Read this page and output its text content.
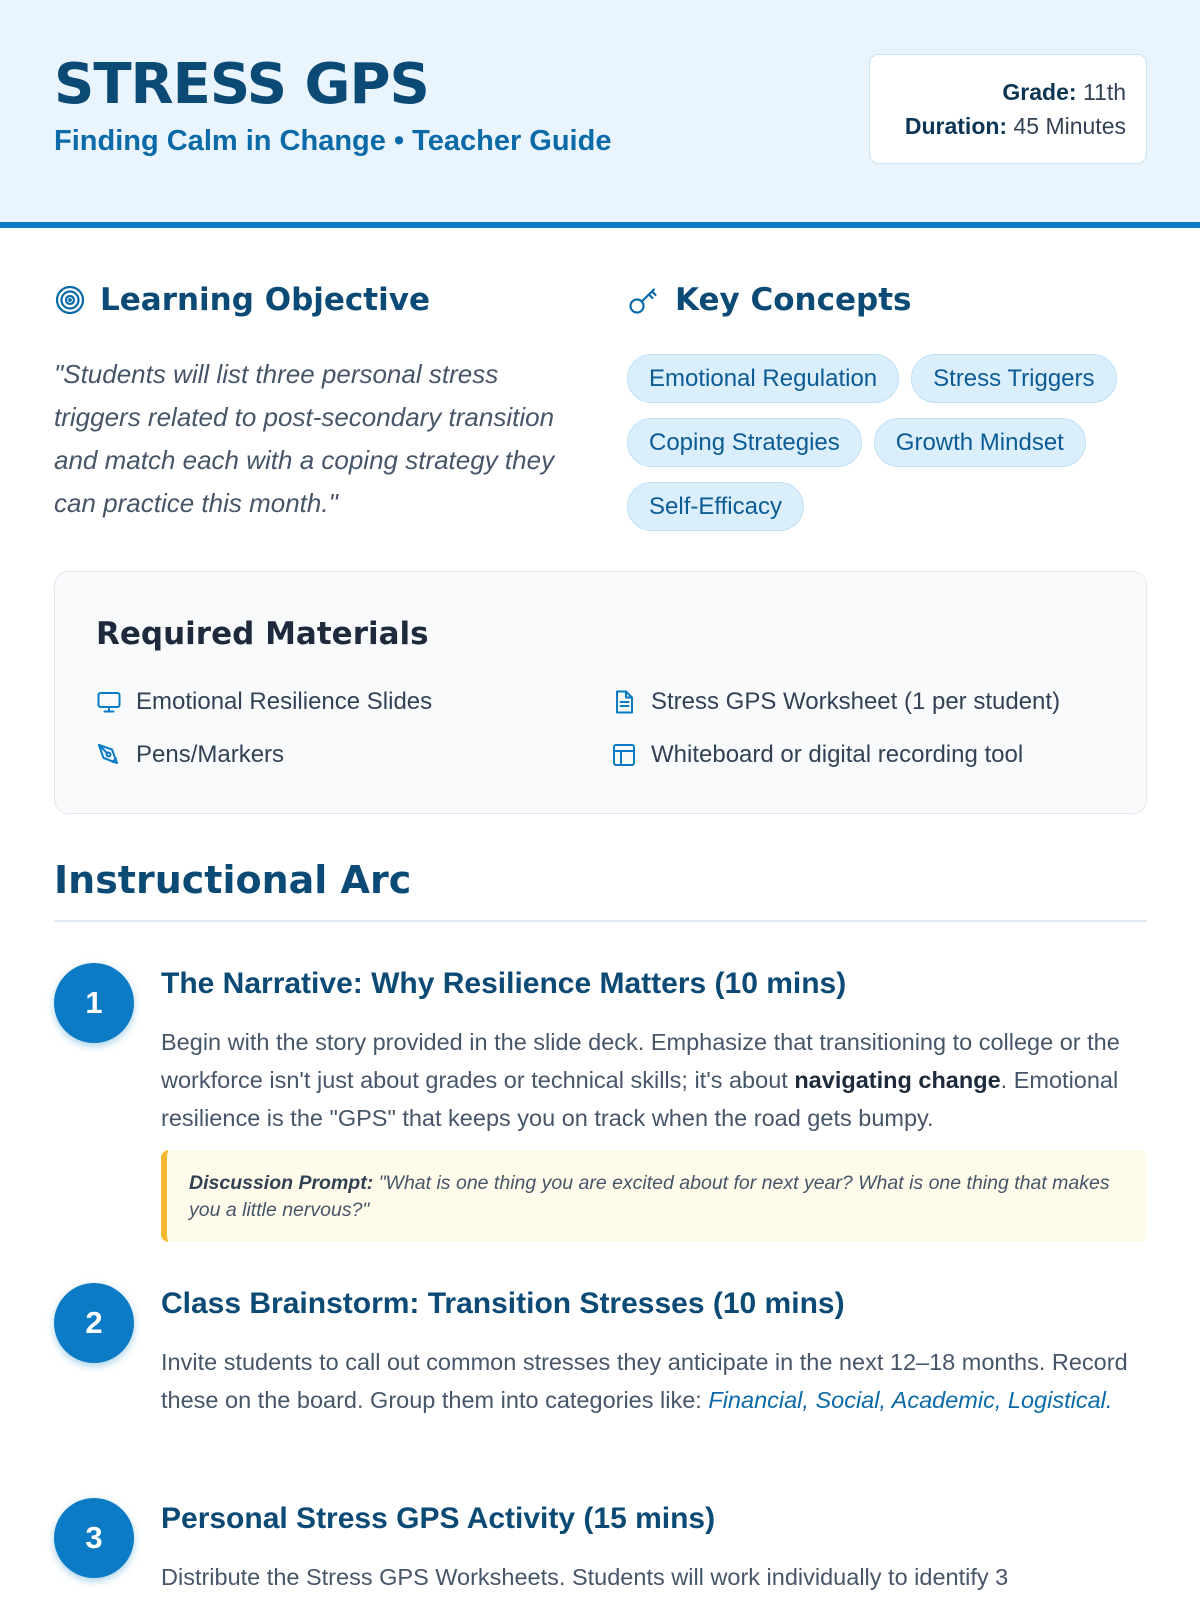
STRESS GPS
Finding Calm in Change • Teacher Guide
Grade: 11th
Duration: 45 Minutes
Learning Objective
"Students will list three personal stress triggers related to post-secondary transition and match each with a coping strategy they can practice this month."
Key Concepts
Emotional Regulation Stress TriggersCoping Strategies Growth MindsetSelf-Efficacy
Required Materials
Emotional Resilience Slides	Stress GPS Worksheet (1 per student)
Pens/Markers	Whiteboard or digital recording tool
Instructional Arc
1
The Narrative: Why Resilience Matters (10 mins)
Begin with the story provided in the slide deck. Emphasize that transitioning to college or the workforce isn't just about grades or technical skills; it's about navigating change. Emotional resilience is the "GPS" that keeps you on track when the road gets bumpy.
Discussion Prompt: "What is one thing you are excited about for next year? What is one thing that makes you a little nervous?"
2
Class Brainstorm: Transition Stresses (10 mins)
Invite students to call out common stresses they anticipate in the next 12–18 months. Record these on the board. Group them into categories like: Financial, Social, Academic, Logistical.
3
Personal Stress GPS Activity (15 mins)
Distribute the Stress GPS Worksheets. Students will work individually to identify 3
